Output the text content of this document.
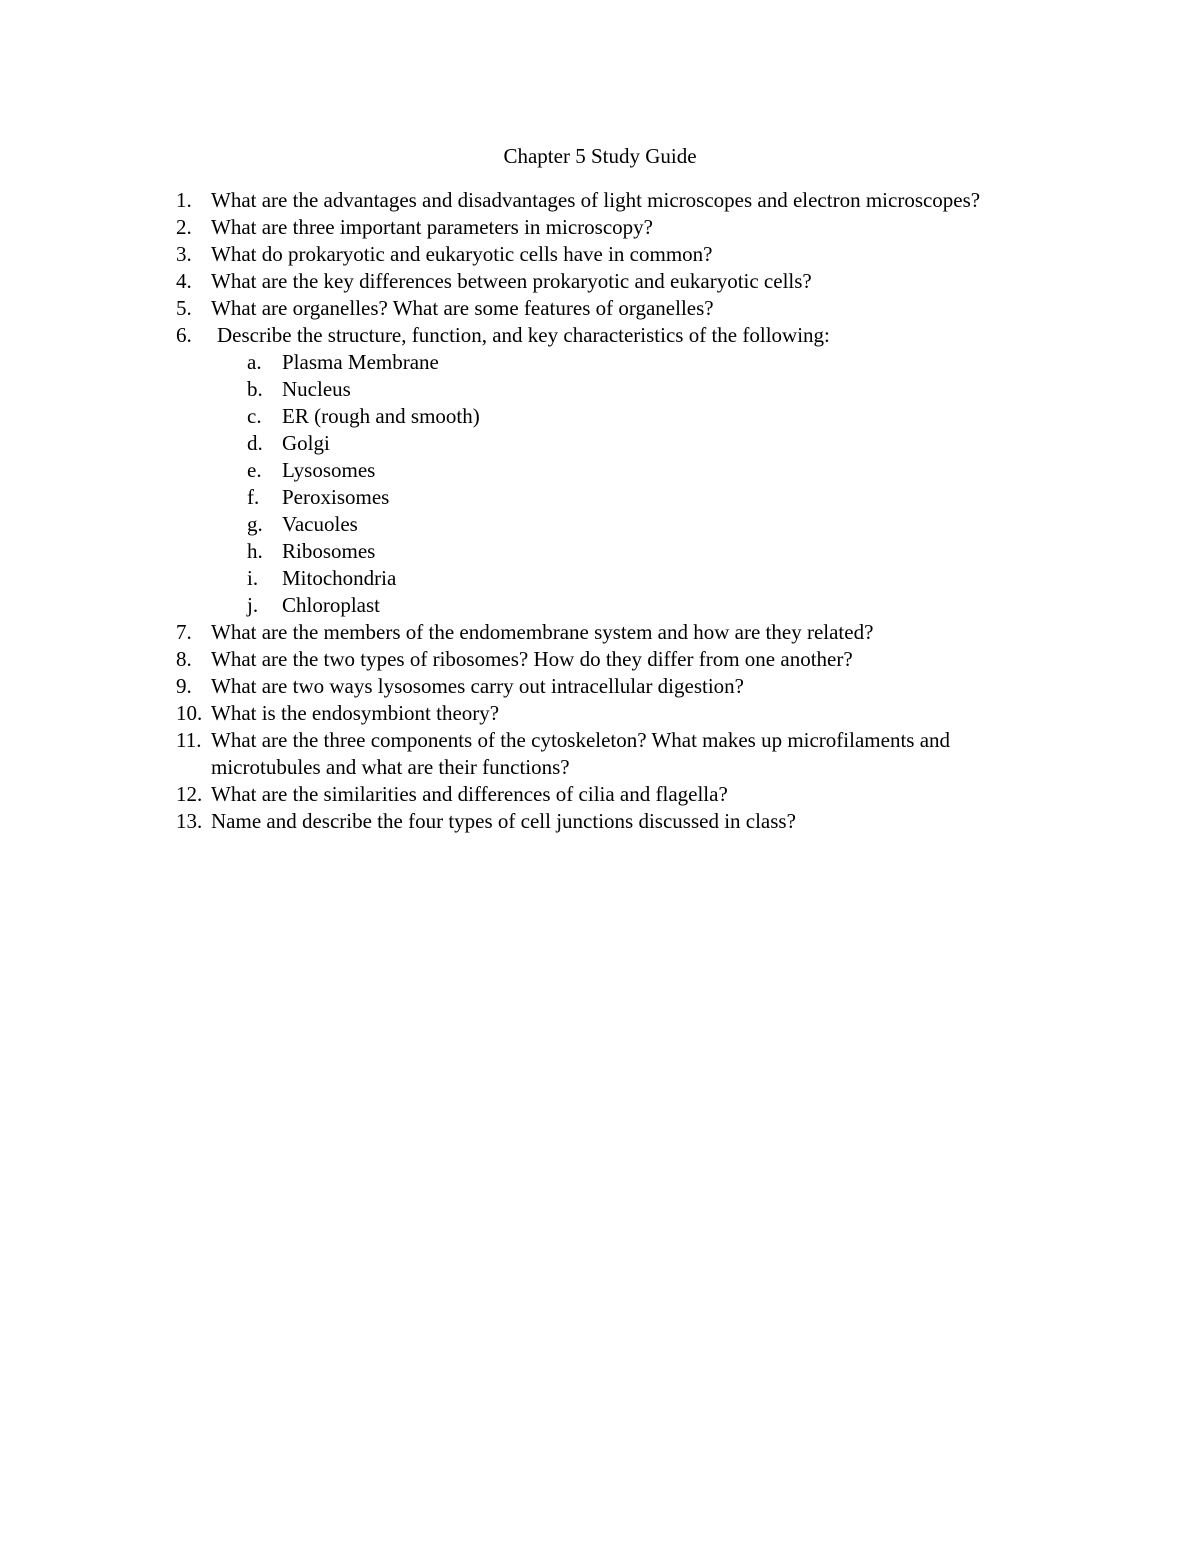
Chapter 5 Study Guide
1. What are the advantages and disadvantages of light microscopes and electron microscopes?
2. What are three important parameters in microscopy?
3. What do prokaryotic and eukaryotic cells have in common?
4. What are the key differences between prokaryotic and eukaryotic cells?
5. What are organelles? What are some features of organelles?
6. Describe the structure, function, and key characteristics of the following:
a. Plasma Membrane
b. Nucleus
c. ER (rough and smooth)
d. Golgi
e. Lysosomes
f. Peroxisomes
g. Vacuoles
h. Ribosomes
i. Mitochondria
j. Chloroplast
7. What are the members of the endomembrane system and how are they related?
8. What are the two types of ribosomes? How do they differ from one another?
9. What are two ways lysosomes carry out intracellular digestion?
10. What is the endosymbiont theory?
11. What are the three components of the cytoskeleton? What makes up microfilaments and microtubules and what are their functions?
12. What are the similarities and differences of cilia and flagella?
13. Name and describe the four types of cell junctions discussed in class?
